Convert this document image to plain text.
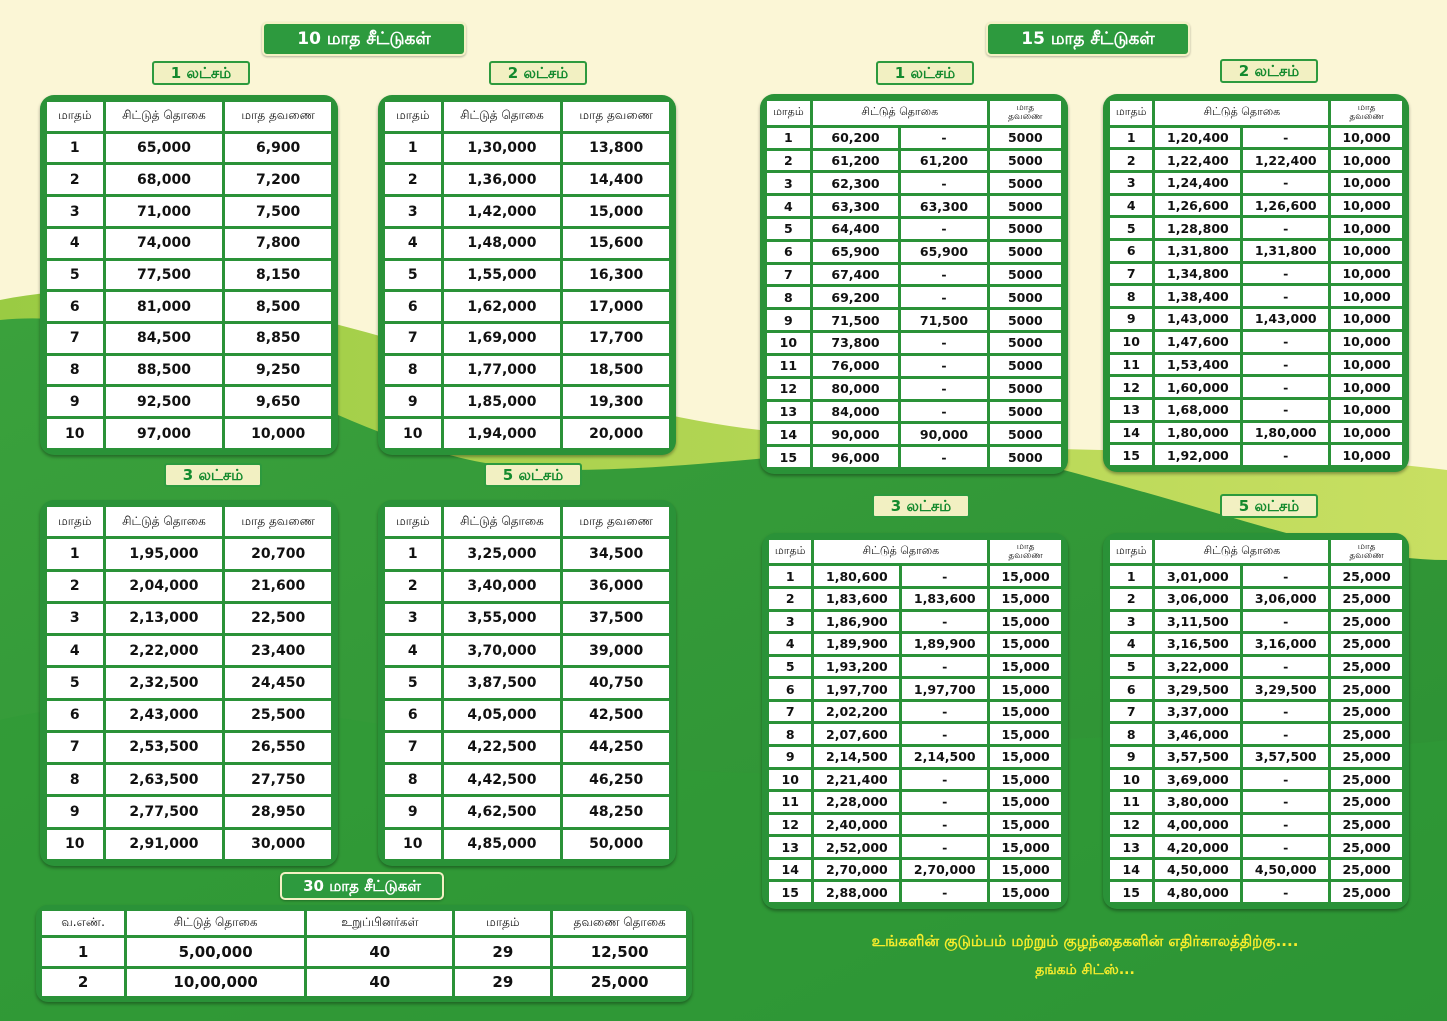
10 மாத சீட்டுகள்	15 மாத சீட்டுகள்
30 மாத சீட்டுகள்
1 லட்சம்	2 லட்சம்
3 லட்சம்	5 லட்சம்
1 லட்சம்	2 லட்சம்
3 லட்சம்	5 லட்சம்
மாதம்	சிட்டுத் தொகை	மாத தவணை
1	65,000	6,900
2	68,000	7,200
3	71,000	7,500
4	74,000	7,800
5	77,500	8,150
6	81,000	8,500
7	84,500	8,850
8	88,500	9,250
9	92,500	9,650
10	97,000	10,000
மாதம்	சிட்டுத் தொகை	மாத தவணை
1	1,30,000	13,800
2	1,36,000	14,400
3	1,42,000	15,000
4	1,48,000	15,600
5	1,55,000	16,300
6	1,62,000	17,000
7	1,69,000	17,700
8	1,77,000	18,500
9	1,85,000	19,300
10	1,94,000	20,000
மாதம்	சிட்டுத் தொகை	மாத தவணை
1	1,95,000	20,700
2	2,04,000	21,600
3	2,13,000	22,500
4	2,22,000	23,400
5	2,32,500	24,450
6	2,43,000	25,500
7	2,53,500	26,550
8	2,63,500	27,750
9	2,77,500	28,950
10	2,91,000	30,000
மாதம்	சிட்டுத் தொகை	மாத தவணை
1	3,25,000	34,500
2	3,40,000	36,000
3	3,55,000	37,500
4	3,70,000	39,000
5	3,87,500	40,750
6	4,05,000	42,500
7	4,22,500	44,250
8	4,42,500	46,250
9	4,62,500	48,250
10	4,85,000	50,000
மாதம்	சிட்டுத் தொகை		மாத
தவணை

1	60,200	-	5000
2	61,200	61,200	5000
3	62,300	-	5000
4	63,300	63,300	5000
5	64,400	-	5000
6	65,900	65,900	5000
7	67,400	-	5000
8	69,200	-	5000
9	71,500	71,500	5000
10	73,800	-	5000
11	76,000	-	5000
12	80,000	-	5000
13	84,000	-	5000
14	90,000	90,000	5000
15	96,000	-	5000
மாதம்	சிட்டுத் தொகை		மாத
தவணை

1	1,20,400	-	10,000
2	1,22,400	1,22,400	10,000
3	1,24,400	-	10,000
4	1,26,600	1,26,600	10,000
5	1,28,800	-	10,000
6	1,31,800	1,31,800	10,000
7	1,34,800	-	10,000
8	1,38,400	-	10,000
9	1,43,000	1,43,000	10,000
10	1,47,600	-	10,000
11	1,53,400	-	10,000
12	1,60,000	-	10,000
13	1,68,000	-	10,000
14	1,80,000	1,80,000	10,000
15	1,92,000	-	10,000
மாதம்	சிட்டுத் தொகை		மாத
தவணை

1	1,80,600	-	15,000
2	1,83,600	1,83,600	15,000
3	1,86,900	-	15,000
4	1,89,900	1,89,900	15,000
5	1,93,200	-	15,000
6	1,97,700	1,97,700	15,000
7	2,02,200	-	15,000
8	2,07,600	-	15,000
9	2,14,500	2,14,500	15,000
10	2,21,400	-	15,000
11	2,28,000	-	15,000
12	2,40,000	-	15,000
13	2,52,000	-	15,000
14	2,70,000	2,70,000	15,000
15	2,88,000	-	15,000
மாதம்	சிட்டுத் தொகை		மாத
தவணை

1	3,01,000	-	25,000
2	3,06,000	3,06,000	25,000
3	3,11,500	-	25,000
4	3,16,500	3,16,000	25,000
5	3,22,000	-	25,000
6	3,29,500	3,29,500	25,000
7	3,37,000	-	25,000
8	3,46,000	-	25,000
9	3,57,500	3,57,500	25,000
10	3,69,000	-	25,000
11	3,80,000	-	25,000
12	4,00,000	-	25,000
13	4,20,000	-	25,000
14	4,50,000	4,50,000	25,000
15	4,80,000	-	25,000
வ.எண்.	சிட்டுத் தொகை	உறுப்பினர்கள்	மாதம்	தவணை தொகை
1	5,00,000	40	29	12,500
2	10,00,000	40	29	25,000
உங்களின் குடும்பம் மற்றும் குழந்தைகளின் எதிர்காலத்திற்கு....
தங்கம் சிட்ஸ்...
